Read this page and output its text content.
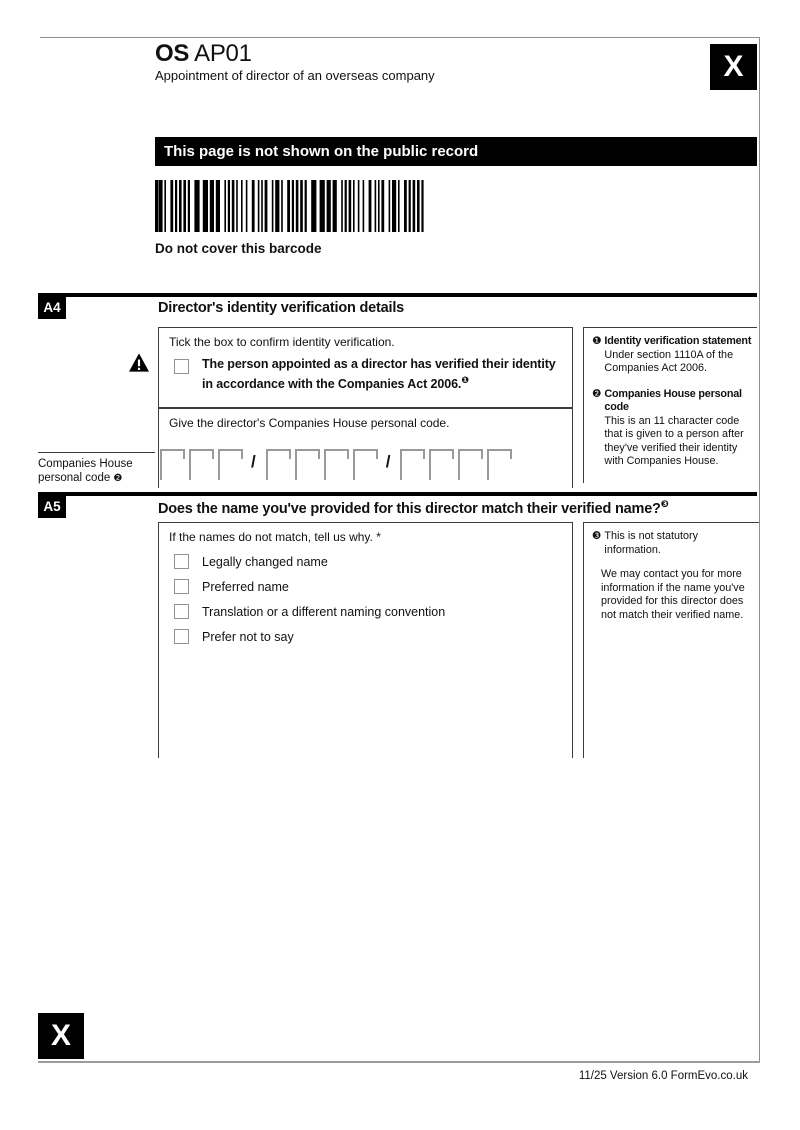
OS AP01
Appointment of director of an overseas company	X
This page is not shown on the public record
Do not cover this barcode
A4	Director's identity verification details
Tick the box to confirm identity verification.
The person appointed as a director has verified their identity in accordance with the Companies Act 2006.$^❶$
Give the director's Companies House personal code.
/	/
Companies House
personal code ❷
❶ Identity verification statement
Under section 1110A of the Companies Act 2006.
❷ Companies House personal code
This is an 11 character code that is given to a person after they've verified their identity with Companies House.
A5	Does the name you've provided for this director match their verified name?$^❸$
If the names do not match, tell us why. *
Legally changed name
Preferred name
Translation or a different naming convention
Prefer not to say
❸ This is not statutory information.
We may contact you for more information if the name you've provided for this director does not match their verified name.
X
11/25 Version 6.0 FormEvo.co.uk
